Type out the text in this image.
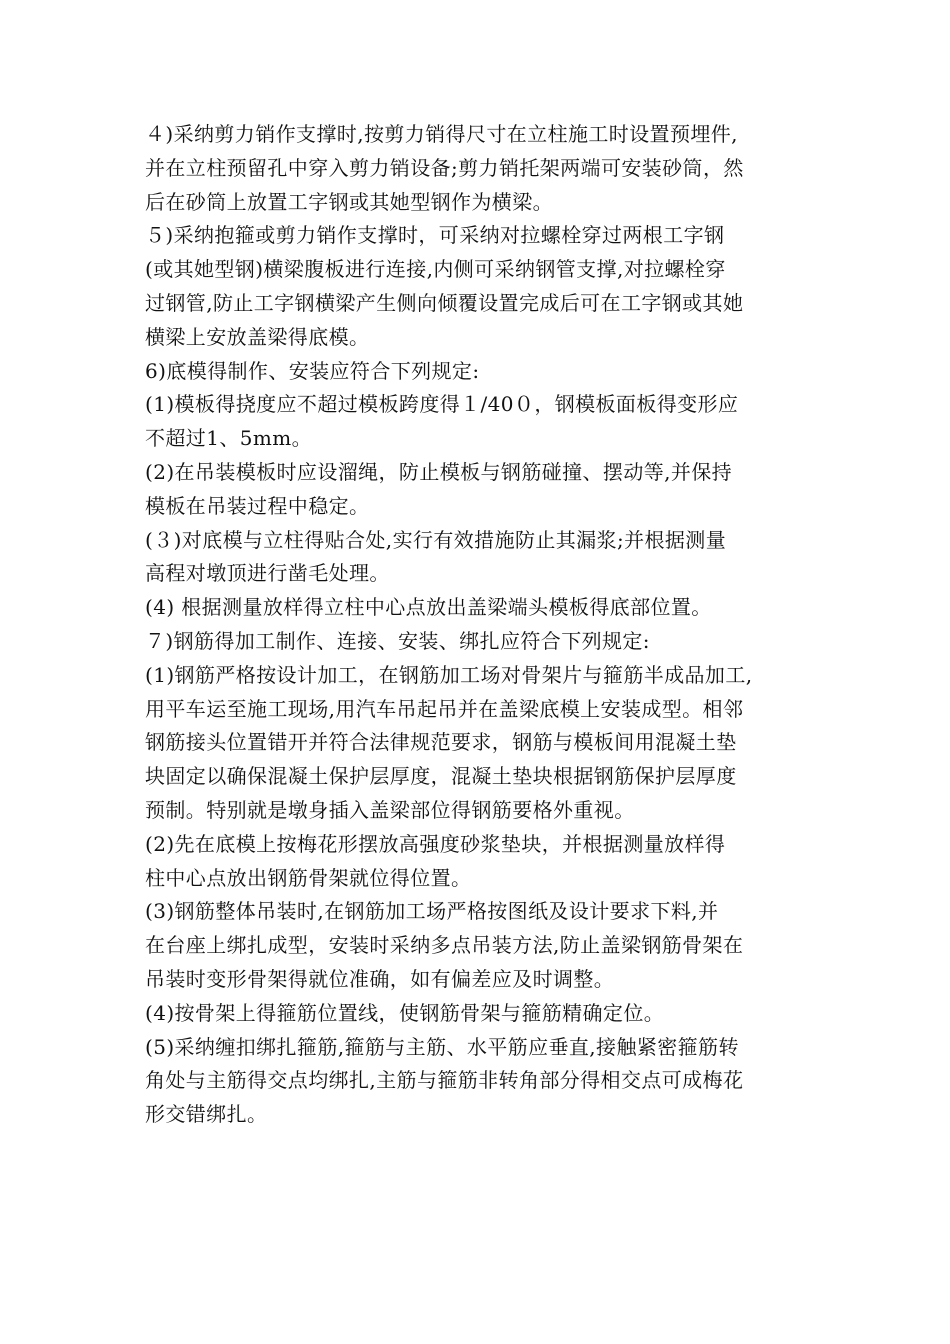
４)采纳剪力销作支撑时,按剪力销得尺寸在立柱施工时设置预埋件,
并在立柱预留孔中穿入剪力销设备;剪力销托架两端可安装砂筒，然
后在砂筒上放置工字钢或其她型钢作为横梁。
５)采纳抱箍或剪力销作支撑时，可采纳对拉螺栓穿过两根工字钢
(或其她型钢)横梁腹板进行连接,内侧可采纳钢管支撑,对拉螺栓穿
过钢管,防止工字钢横梁产生侧向倾覆设置完成后可在工字钢或其她
横梁上安放盖梁得底模。
6)底模得制作、安装应符合下列规定:
(1)模板得挠度应不超过模板跨度得１/40０，钢模板面板得变形应
不超过1、5mm。
(2)在吊装模板时应设溜绳，防止模板与钢筋碰撞、摆动等,并保持
模板在吊装过程中稳定。
(３)对底模与立柱得贴合处,实行有效措施防止其漏浆;并根据测量
高程对墩顶进行凿毛处理。
(4) 根据测量放样得立柱中心点放出盖梁端头模板得底部位置。
７)钢筋得加工制作、连接、安装、绑扎应符合下列规定:
(1)钢筋严格按设计加工，在钢筋加工场对骨架片与箍筋半成品加工,
用平车运至施工现场,用汽车吊起吊并在盖梁底模上安装成型。相邻
钢筋接头位置错开并符合法律规范要求，钢筋与模板间用混凝土垫
块固定以确保混凝土保护层厚度，混凝土垫块根据钢筋保护层厚度
预制。特别就是墩身插入盖梁部位得钢筋要格外重视。
(2)先在底模上按梅花形摆放高强度砂浆垫块，并根据测量放样得
柱中心点放出钢筋骨架就位得位置。
(3)钢筋整体吊装时,在钢筋加工场严格按图纸及设计要求下料,并
在台座上绑扎成型，安装时采纳多点吊装方法,防止盖梁钢筋骨架在
吊装时变形骨架得就位准确，如有偏差应及时调整。
(4)按骨架上得箍筋位置线，使钢筋骨架与箍筋精确定位。
(5)采纳缠扣绑扎箍筋,箍筋与主筋、水平筋应垂直,接触紧密箍筋转
角处与主筋得交点均绑扎,主筋与箍筋非转角部分得相交点可成梅花
形交错绑扎。
